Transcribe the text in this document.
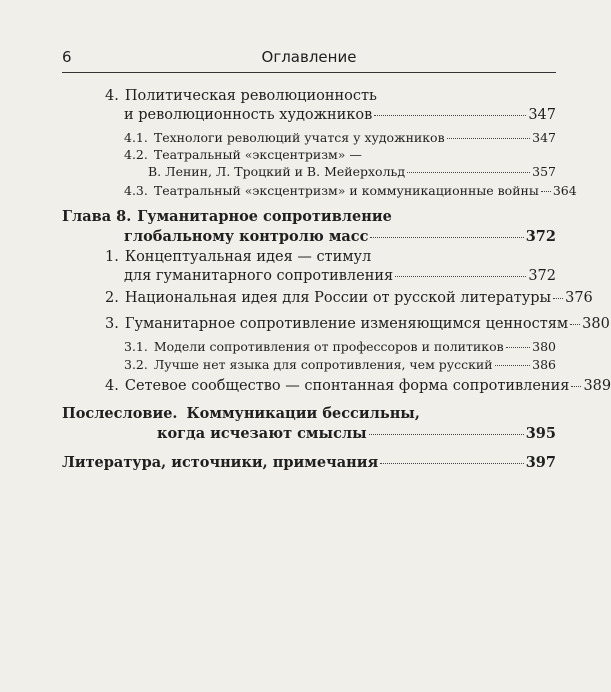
6	Оглавление
4. Политическая революционность
и революционность художников	347
4.1. Технологи революций учатся у художников	347
4.2. Театральный «эксцентризм» —
В. Ленин, Л. Троцкий и В. Мейерхольд	357
4.3. Театральный «эксцентризм» и коммуникационные войны 364
Глава 8. Гуманитарное сопротивление
глобальному контролю масс	372
1. Концептуальная идея — стимул
для гуманитарного сопротивления	372
2. Национальная идея для России от русской литературы 376
3. Гуманитарное сопротивление изменяющимся ценностям 380
3.1. Модели сопротивления от профессоров и политиков 380
3.2. Лучше нет языка для сопротивления, чем русский	386
4. Сетевое сообщество — спонтанная форма сопротивления 389
Послесловие. Коммуникации бессильны,
когда исчезают смыслы	395
Литература, источники, примечания	397
